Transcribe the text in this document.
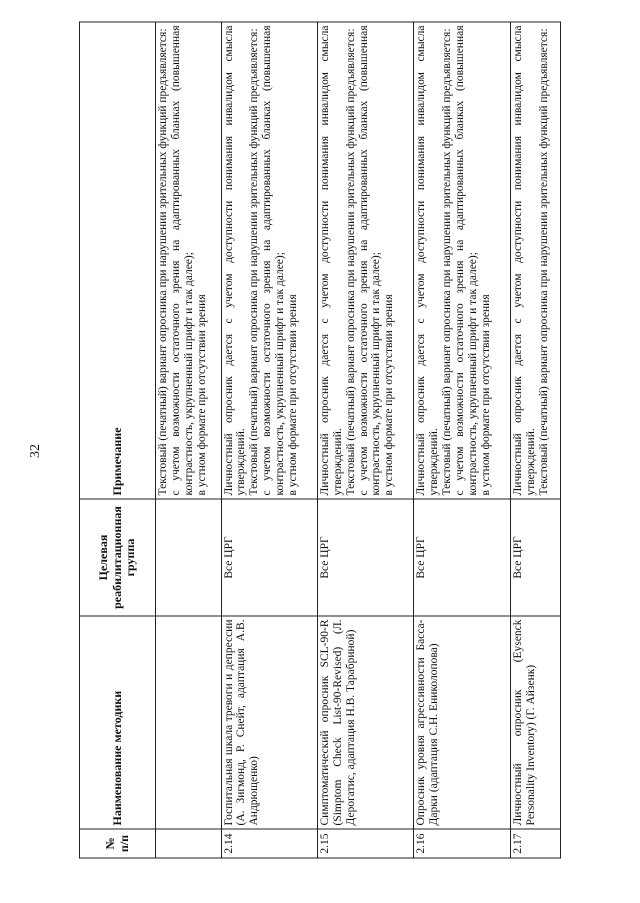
32
№ п/п	Наименование методики	Целевая реабилитационная группа	Примечание

			Текстовый (печатный) вариант опросника при нарушении зрительных функций предъявляется: с учетом возможности остаточного зрения на адаптированных бланках (повышенная контрастность, укрупненный шрифт и так далее); в устном формате при отсутствии зрения

2.14	Госпитальная шкала тревоги и депрессии (А. Зигмонд, Р. Снейт, адаптация А.В. Андрющенко)	Все ЦРГ	Личностный опросник дается с учетом доступности понимания инвалидом смысла утверждений. Текстовый (печатный) вариант опросника при нарушении зрительных функций предъявляется: с учетом возможности остаточного зрения на адаптированных бланках (повышенная контрастность, укрупненный шрифт и так далее); в устном формате при отсутствии зрения

2.15	Симптоматический опросник SCL-90-R (Simptom Check List-90-Revised) (Л. Дерогатис, адаптация Н.В. Тарабриной)	Все ЦРГ	Личностный опросник дается с учетом доступности понимания инвалидом смысла утверждений. Текстовый (печатный) вариант опросника при нарушении зрительных функций предъявляется: с учетом возможности остаточного зрения на адаптированных бланках (повышенная контрастность, укрупненный шрифт и так далее); в устном формате при отсутствии зрения

2.16	Опросник уровня агрессивности Басса-Дарки (адаптация С.Н. Ениколопова)	Все ЦРГ	Личностный опросник дается с учетом доступности понимания инвалидом смысла утверждений. Текстовый (печатный) вариант опросника при нарушении зрительных функций предъявляется: с учетом возможности остаточного зрения на адаптированных бланках (повышенная контрастность, укрупненный шрифт и так далее); в устном формате при отсутствии зрения

2.17	Личностный опросник (Eysenck Personality Inventory) (Г. Айзенк)	Все ЦРГ	Личностный опросник дается с учетом доступности понимания инвалидом смысла утверждений. Текстовый (печатный) вариант опросника при нарушении зрительных функций предъявляется:
